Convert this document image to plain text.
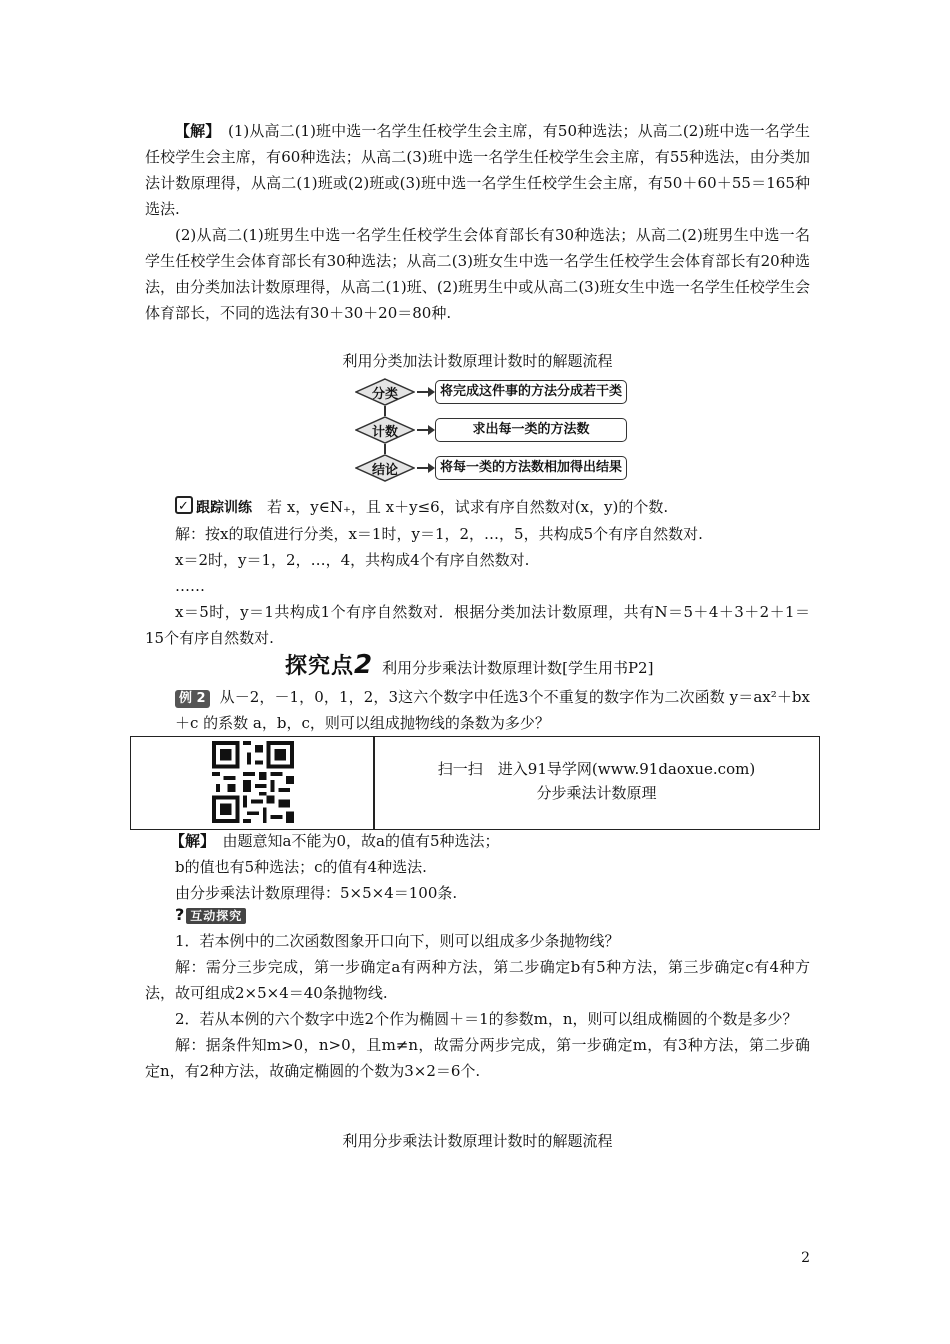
【解】　 (1)从高二(1)班中选一名学生任校学生会主席，有50种选法；从高二(2)班中选一名学生任校学生会主席，有60种选法；从高二(3)班中选一名学生任校学生会主席，有55种选法，由分类加法计数原理得，从高二(1)班或(2)班或(3)班中选一名学生任校学生会主席，有50＋60＋55＝165种选法.

(2)从高二(1)班男生中选一名学生任校学生会体育部长有30种选法；从高二(2)班男生中选一名学生任校学生会体育部长有30种选法；从高二(3)班女生中选一名学生任校学生会体育部长有20种选法，由分类加法计数原理得，从高二(1)班、(2)班男生中或从高二(3)班女生中选一名学生任校学生会体育部长，不同的选法有30＋30＋20＝80种.

利用分类加法计数原理计数时的解题流程
分类	将完成这件事的方法分成若干类
计数	求出每一类的方法数
结论	将每一类的方法数相加得出结果

✓跟踪训练　 若 x，y∈N₊，且 x＋y≤6，试求有序自然数对(x，y)的个数.

解：按x的取值进行分类，x＝1时，y＝1，2，…，5，共构成5个有序自然数对.

x＝2时，y＝1，2，…，4，共构成4个有序自然数对.

……

x＝5时，y＝1共构成1个有序自然数对．根据分类加法计数原理，共有N＝5＋4＋3＋2＋1＝15个有序自然数对.

探究点2 利用分步乘法计数原理计数[学生用书P2]

例 2 从－2，－1，0，1，2，3这六个数字中任选3个不重复的数字作为二次函数 y＝ax²＋bx＋c 的系数 a，b，c，则可以组成抛物线的条数为多少？

扫一扫　进入91导学网(www.91daoxue.com)
分步乘法计数原理

【解】　 由题意知a不能为0，故a的值有5种选法；

b的值也有5种选法；c的值有4种选法.

由分步乘法计数原理得：5×5×4＝100条.

? 互动探究

1．若本例中的二次函数图象开口向下，则可以组成多少条抛物线？

解：需分三步完成，第一步确定a有两种方法，第二步确定b有5种方法，第三步确定c有4种方法，故可组成2×5×4＝40条抛物线.

2．若从本例的六个数字中选2个作为椭圆＋＝1的参数m，n，则可以组成椭圆的个数是多少？

解：据条件知m>0，n>0，且m≠n，故需分两步完成，第一步确定m，有3种方法，第二步确定n，有2种方法，故确定椭圆的个数为3×2＝6个.

利用分步乘法计数原理计数时的解题流程
2
